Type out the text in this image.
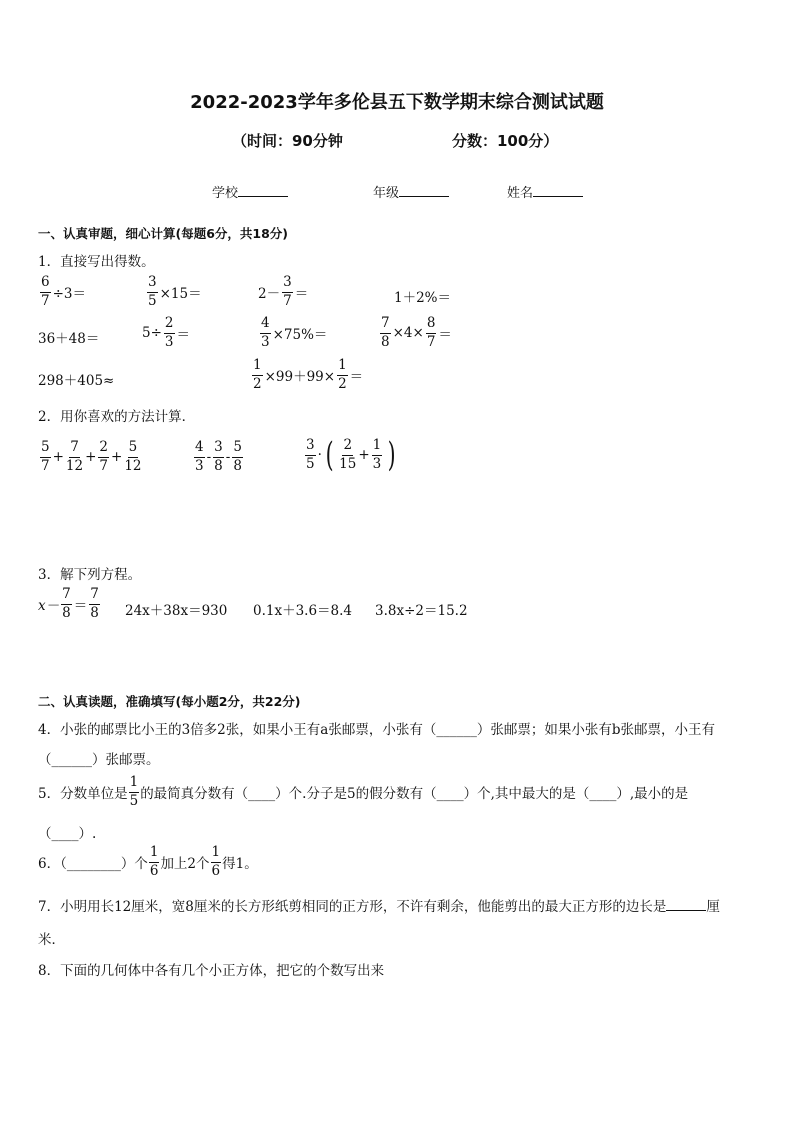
2022-2023学年多伦县五下数学期末综合测试试题
（时间：90分钟	分数：100分）
学校	年级	姓名
一、认真审题，细心计算(每题6分，共18分)
1．直接写出得数。
$\frac{6}{7} \div 3=$	$\frac{3}{5} \times 15=$	$2- \frac{3}{7}$ ＝	1＋2%＝
36＋48＝	$5\div \frac{2}{3}$ ＝	$\frac{4}{3} \times 75\%=$	$\frac{7}{8} \times 4\times \frac{8}{7}$ ＝
298＋405≈	$\frac{1}{2} \times 99+99\times \frac{1}{2}$ ＝
2．用你喜欢的方法计算．
$\frac{5}{7} + \frac{7}{12} + \frac{2}{7} + \frac{5}{12}$	$\frac{4}{3} - \frac{3}{8} - \frac{5}{8}$	$\frac{3}{5}$ · ( $\frac{2}{15} + \frac{1}{3}$ )
3．解下列方程。
$x- \frac{7}{8} = \frac{7}{8} 24x+38x=930$ 0.1x＋3.6＝8.4 3.8x÷2＝15.2
二、认真读题，准确填写(每小题2分，共22分)
4．小张的邮票比小王的3倍多2张，如果小王有a张邮票，小张有（______）张邮票；如果小张有b张邮票，小王有
（______）张邮票。
5．分数单位是 $\frac{1}{5}$ 的最简真分数有（____）个.分子是5的假分数有（____）个,其中最大的是（____）,最小的是
（____）.
6．（________）个 $\frac{1}{6}$ 加上2个 $\frac{1}{6}$ 得1。
7．小明用长12厘米，宽8厘米的长方形纸剪相同的正方形，不许有剩余，他能剪出的最大正方形的边长是	厘
米．
8．下面的几何体中各有几个小正方体，把它的个数写出来
